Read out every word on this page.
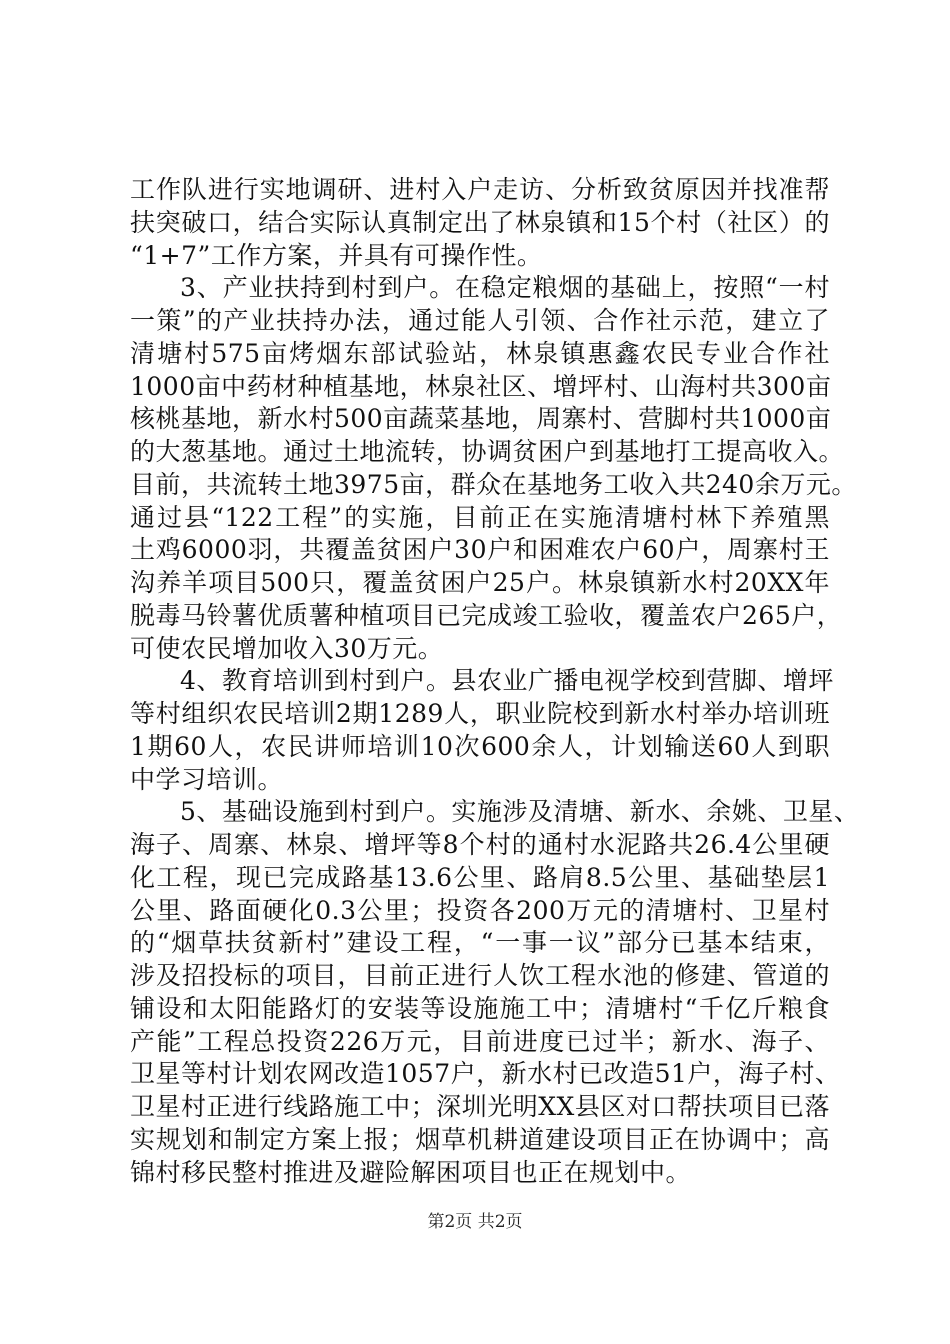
工作队进行实地调研、进村入户走访、分析致贫原因并找准帮
扶突破口，结合实际认真制定出了林泉镇和15个村（社区）的
“1+7”工作方案，并具有可操作性。
3、产业扶持到村到户。在稳定粮烟的基础上，按照“一村
一策”的产业扶持办法，通过能人引领、合作社示范，建立了
清塘村575亩烤烟东部试验站，林泉镇惠鑫农民专业合作社
1000亩中药材种植基地，林泉社区、增坪村、山海村共300亩
核桃基地，新水村500亩蔬菜基地，周寨村、营脚村共1000亩
的大葱基地。通过土地流转，协调贫困户到基地打工提高收入。
目前，共流转土地3975亩，群众在基地务工收入共240余万元。
通过县“122工程”的实施，目前正在实施清塘村林下养殖黑
土鸡6000羽，共覆盖贫困户30户和困难农户60户，周寨村王
沟养羊项目500只，覆盖贫困户25户。林泉镇新水村20XX年
脱毒马铃薯优质薯种植项目已完成竣工验收，覆盖农户265户，
可使农民增加收入30万元。
4、教育培训到村到户。县农业广播电视学校到营脚、增坪
等村组织农民培训2期1289人，职业院校到新水村举办培训班
1期60人，农民讲师培训10次600余人，计划输送60人到职
中学习培训。
5、基础设施到村到户。实施涉及清塘、新水、余姚、卫星、
海子、周寨、林泉、增坪等8个村的通村水泥路共26.4公里硬
化工程，现已完成路基13.6公里、路肩8.5公里、基础垫层1
公里、路面硬化0.3公里；投资各200万元的清塘村、卫星村
的“烟草扶贫新村”建设工程，“一事一议”部分已基本结束，
涉及招投标的项目，目前正进行人饮工程水池的修建、管道的
铺设和太阳能路灯的安装等设施施工中；清塘村“千亿斤粮食
产能”工程总投资226万元，目前进度已过半；新水、海子、
卫星等村计划农网改造1057户，新水村已改造51户，海子村、
卫星村正进行线路施工中；深圳光明XX县区对口帮扶项目已落
实规划和制定方案上报；烟草机耕道建设项目正在协调中；高
锦村移民整村推进及避险解困项目也正在规划中。
第2页 共2页
